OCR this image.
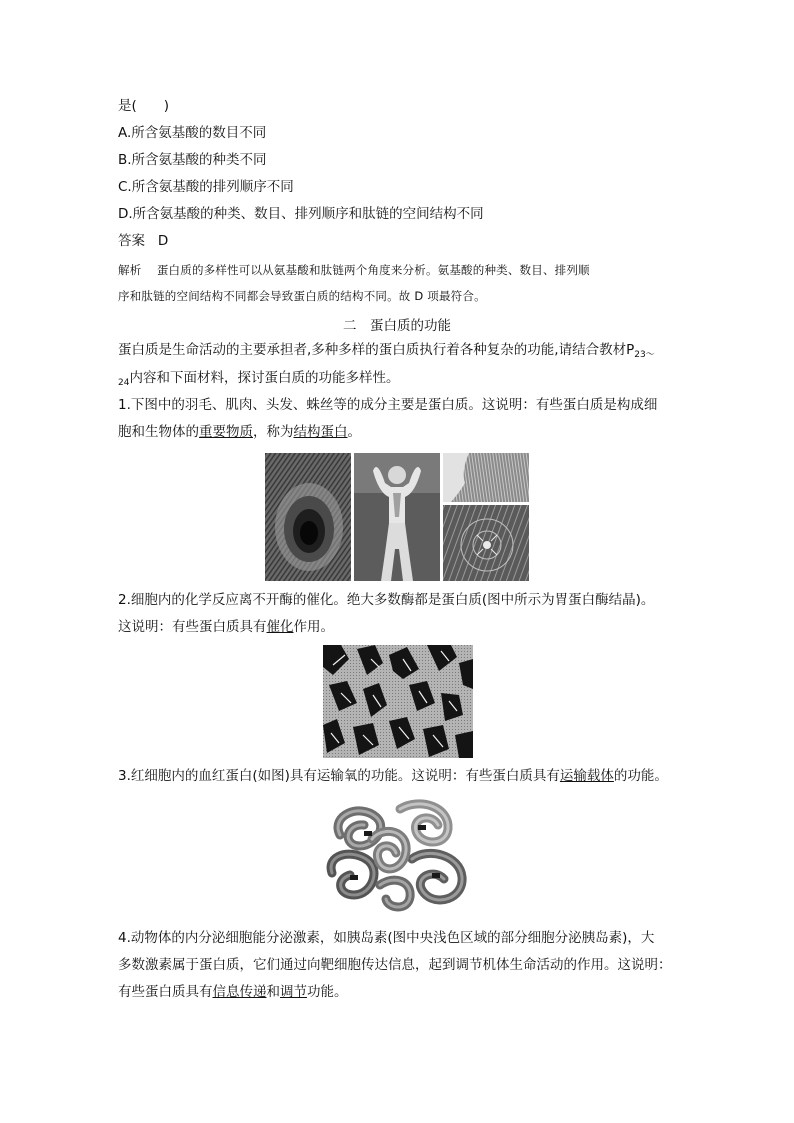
是(　　)
A.所含氨基酸的数目不同
B.所含氨基酸的种类不同
C.所含氨基酸的排列顺序不同
D.所含氨基酸的种类、数目、排列顺序和肽链的空间结构不同
答案 D
解析 蛋白质的多样性可以从氨基酸和肽链两个角度来分析。氨基酸的种类、数目、排列顺
序和肽链的空间结构不同都会导致蛋白质的结构不同。故 D 项最符合。
二　蛋白质的功能
蛋白质是生命活动的主要承担者,多种多样的蛋白质执行着各种复杂的功能,请结合教材$P_{23\sim}$
$_{24}$内容和下面材料，探讨蛋白质的功能多样性。
1.下图中的羽毛、肌肉、头发、蛛丝等的成分主要是蛋白质。这说明：有些蛋白质是构成细
胞和生物体的重要物质，称为结构蛋白。
2.细胞内的化学反应离不开酶的催化。绝大多数酶都是蛋白质(图中所示为胃蛋白酶结晶)。
这说明：有些蛋白质具有催化作用。
3.红细胞内的血红蛋白(如图)具有运输氧的功能。这说明：有些蛋白质具有运输载体的功能。
4.动物体的内分泌细胞能分泌激素，如胰岛素(图中央浅色区域的部分细胞分泌胰岛素)，大
多数激素属于蛋白质，它们通过向靶细胞传达信息，起到调节机体生命活动的作用。这说明：
有些蛋白质具有信息传递和调节功能。
